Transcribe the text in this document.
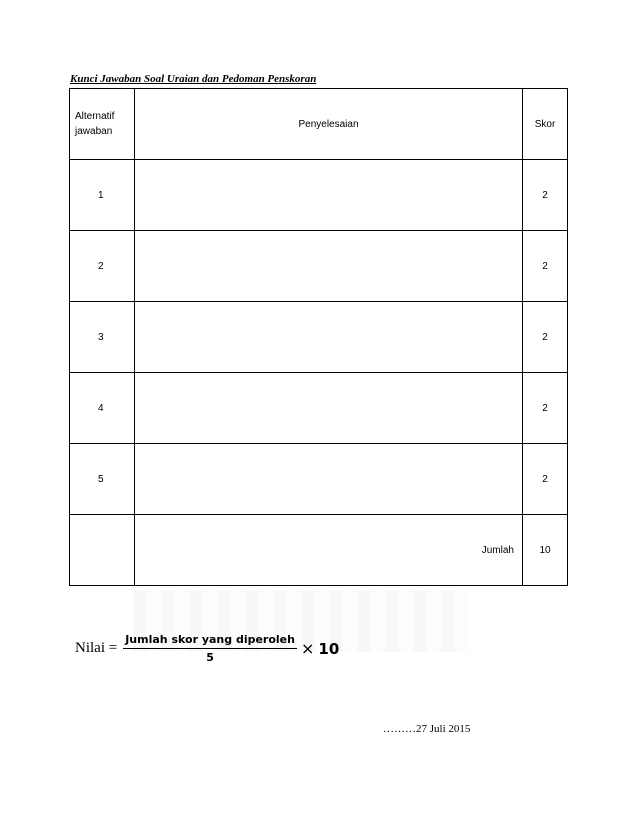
Kunci Jawaban Soal Uraian dan Pedoman Penskoran
Alternatif
jawaban	Penyelesaian	Skor
1		2
2		2
3		2
4		2
5		2
	Jumlah	10
Nilai = $\frac{\text{Jumlah skor yang diperoleh}}{5} \times 10$
………27 Juli 2015
